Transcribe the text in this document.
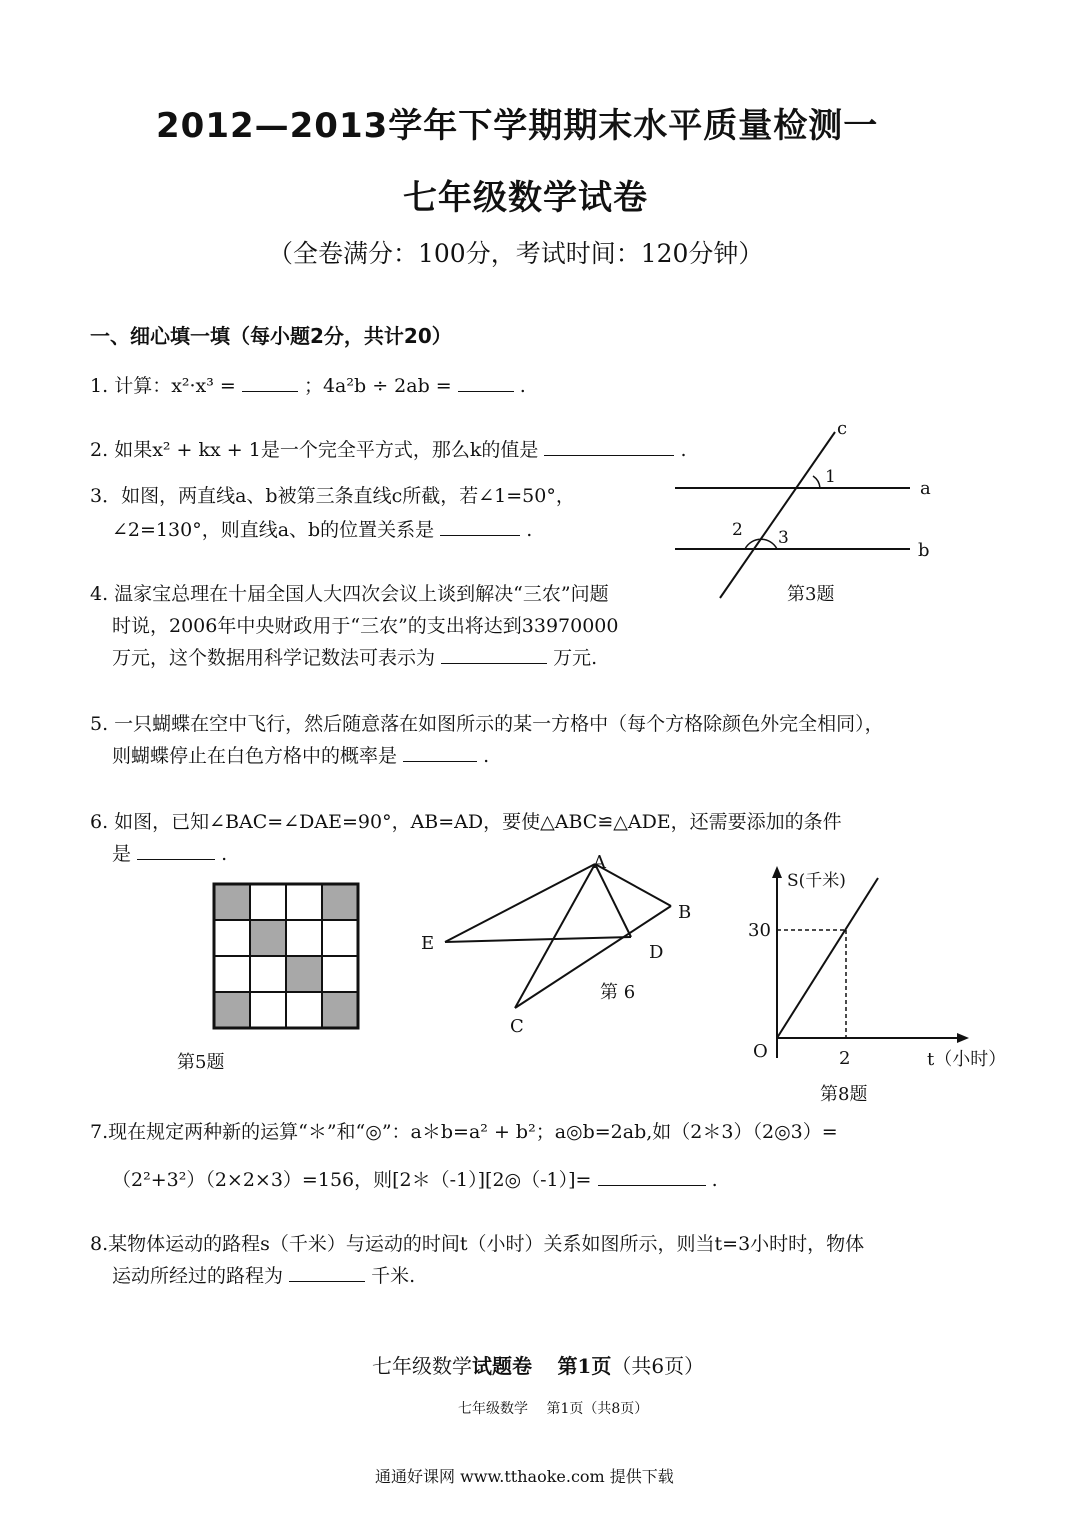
2012—2013学年下学期期末水平质量检测一
七年级数学试卷
（全卷满分：100分，考试时间：120分钟）
一、细心填一填（每小题2分，共计20）
1. 计算：x²·x³ =	；4a²b ÷ 2ab =	.
2. 如果x² + kx + 1是一个完全平方式，那么k的值是	.
3．如图，两直线a、b被第三条直线c所截，若∠1=50°，
∠2=130°，则直线a、b的位置关系是	.
c
a
b
1
2 3
第3题
4. 温家宝总理在十届全国人大四次会议上谈到解决“三农”问题
时说，2006年中央财政用于“三农”的支出将达到33970000
万元，这个数据用科学记数法可表示为	万元.
5. 一只蝴蝶在空中飞行，然后随意落在如图所示的某一方格中（每个方格除颜色外完全相同），
则蝴蝶停止在白色方格中的概率是	.
6. 如图，已知∠BAC=∠DAE=90°，AB=AD，要使△ABC≌△ADE，还需要添加的条件
是	.
第5题
A
B
C
D
E
第 6
S(千米)
30
2
O	t（小时）
第8题
7.现在规定两种新的运算“＊”和“◎”：a＊b=a² + b²；a◎b=2ab,如（2＊3）（2◎3）=
（2²+3²）（2×2×3）=156，则[2＊（-1）][2◎（-1）]=	.
8.某物体运动的路程s（千米）与运动的时间t（小时）关系如图所示，则当t=3小时时，物体
运动所经过的路程为	千米.
七年级数学试题卷 第1页（共6页）
七年级数学　 第1页（共8页）
通通好课网 www.tthaoke.com 提供下载
